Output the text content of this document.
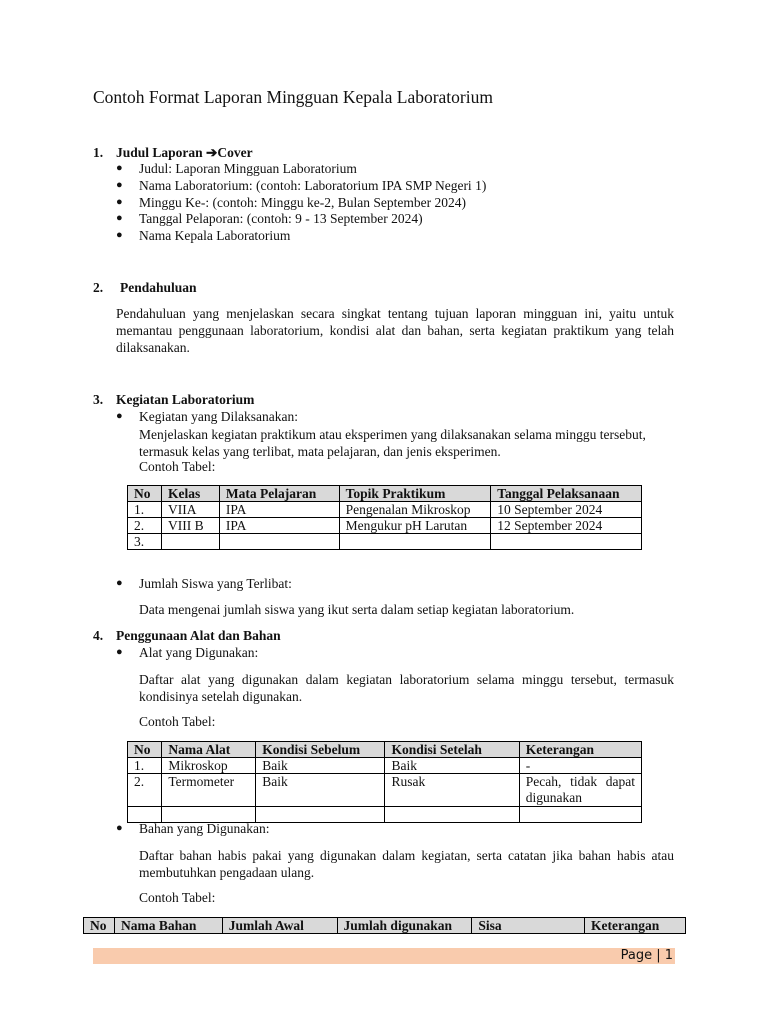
Contoh Format Laporan Mingguan Kepala Laboratorium
1. Judul Laporan ➔Cover
●
Judul: Laporan Mingguan Laboratorium
●
Nama Laboratorium: (contoh: Laboratorium IPA SMP Negeri 1)
●
Minggu Ke-: (contoh: Minggu ke-2, Bulan September 2024)
●
Tanggal Pelaporan: (contoh: 9 - 13 September 2024)
●
Nama Kepala Laboratorium
2. Pendahuluan
Pendahuluan yang menjelaskan secara singkat tentang tujuan laporan mingguan ini, yaitu untuk memantau penggunaan laboratorium, kondisi alat dan bahan, serta kegiatan praktikum yang telah dilaksanakan.
3. Kegiatan Laboratorium
●
Kegiatan yang Dilaksanakan:
Menjelaskan kegiatan praktikum atau eksperimen yang dilaksanakan selama minggu tersebut, termasuk kelas yang terlibat, mata pelajaran, dan jenis eksperimen.
Contoh Tabel:
No	Kelas	Mata Pelajaran	Topik Praktikum	Tanggal Pelaksanaan
1.	VIIA	IPA	Pengenalan Mikroskop	10 September 2024
2.	VIII B	IPA	Mengukur pH Larutan	12 September 2024
3.				
●
Jumlah Siswa yang Terlibat:
Data mengenai jumlah siswa yang ikut serta dalam setiap kegiatan laboratorium.
4. Penggunaan Alat dan Bahan
●
Alat yang Digunakan:
Daftar alat yang digunakan dalam kegiatan laboratorium selama minggu tersebut, termasuk kondisinya setelah digunakan.
Contoh Tabel:
No	Nama Alat	Kondisi Sebelum	Kondisi Setelah	Keterangan
1.	Mikroskop	Baik	Baik	-
2.	Termometer	Baik	Rusak	Pecah, tidak dapat digunakan

●
Bahan yang Digunakan:
Daftar bahan habis pakai yang digunakan dalam kegiatan, serta catatan jika bahan habis atau membutuhkan pengadaan ulang.
Contoh Tabel:
No	Nama Bahan	Jumlah Awal	Jumlah digunakan	Sisa	Keterangan
Page | 1
